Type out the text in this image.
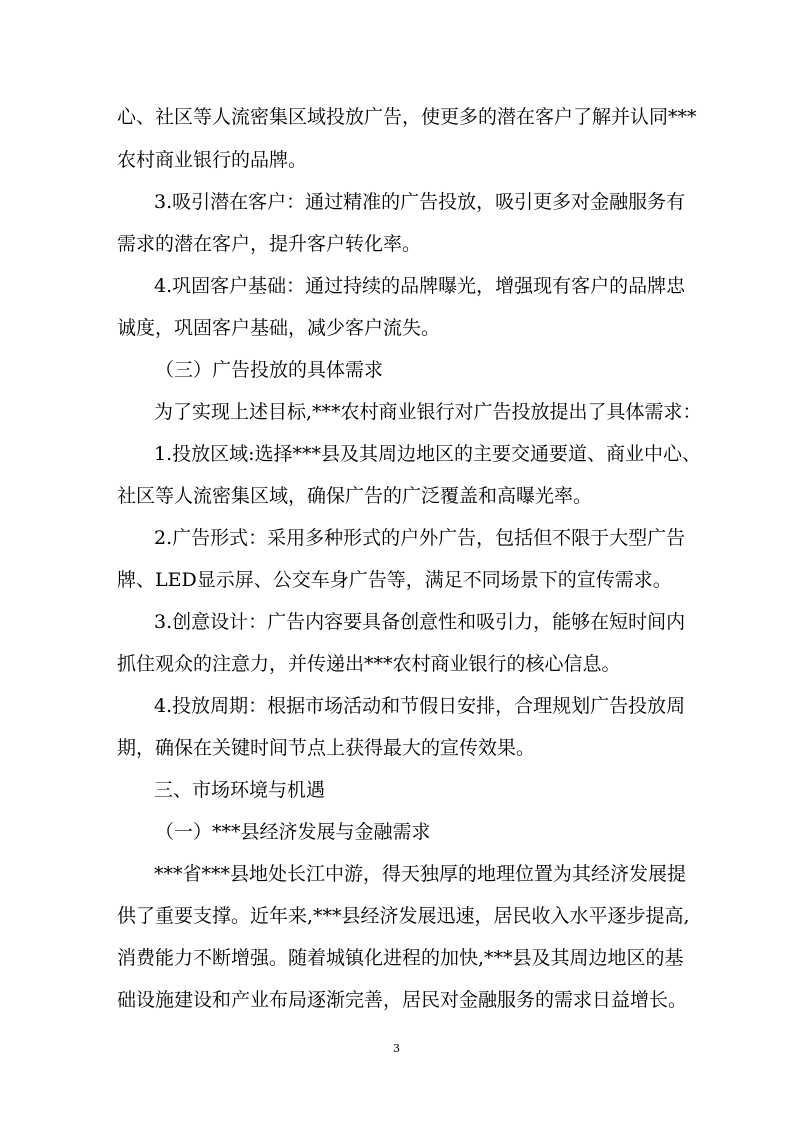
心、社区等人流密集区域投放广告，使更多的潜在客户了解并认同***
农村商业银行的品牌。
3.吸引潜在客户：通过精准的广告投放，吸引更多对金融服务有
需求的潜在客户，提升客户转化率。
4.巩固客户基础：通过持续的品牌曝光，增强现有客户的品牌忠
诚度，巩固客户基础，减少客户流失。
（三）广告投放的具体需求
为了实现上述目标,***农村商业银行对广告投放提出了具体需求：
1.投放区域:选择***县及其周边地区的主要交通要道、商业中心、
社区等人流密集区域，确保广告的广泛覆盖和高曝光率。
2.广告形式：采用多种形式的户外广告，包括但不限于大型广告
牌、LED显示屏、公交车身广告等，满足不同场景下的宣传需求。
3.创意设计：广告内容要具备创意性和吸引力，能够在短时间内
抓住观众的注意力，并传递出***农村商业银行的核心信息。
4.投放周期：根据市场活动和节假日安排，合理规划广告投放周
期，确保在关键时间节点上获得最大的宣传效果。
三、市场环境与机遇
（一）***县经济发展与金融需求
***省***县地处长江中游，得天独厚的地理位置为其经济发展提
供了重要支撑。近年来,***县经济发展迅速，居民收入水平逐步提高,
消费能力不断增强。随着城镇化进程的加快,***县及其周边地区的基
础设施建设和产业布局逐渐完善，居民对金融服务的需求日益增长。
3
